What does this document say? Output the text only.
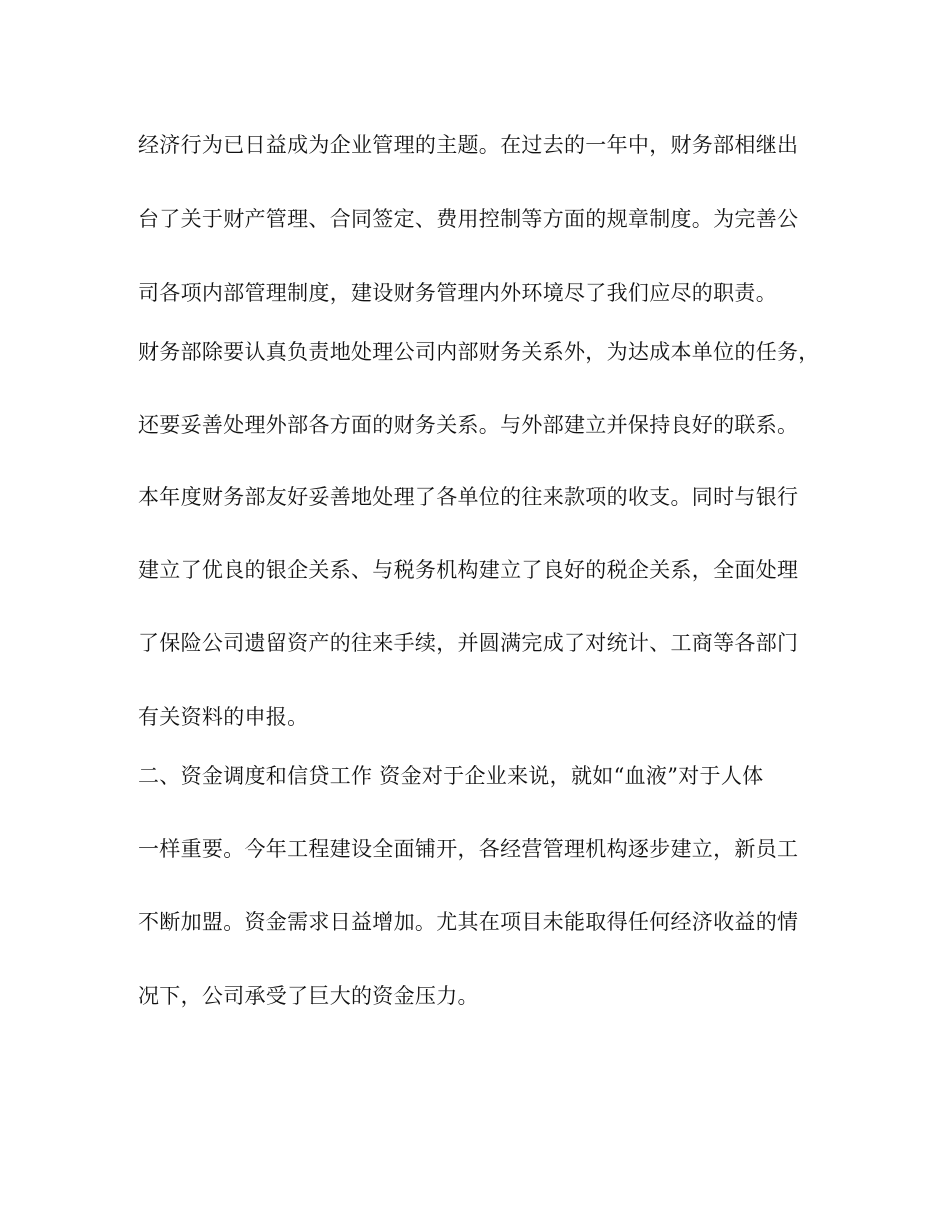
经济行为已日益成为企业管理的主题。在过去的一年中，财务部相继出
台了关于财产管理、合同签定、费用控制等方面的规章制度。为完善公
司各项内部管理制度，建设财务管理内外环境尽了我们应尽的职责。
财务部除要认真负责地处理公司内部财务关系外，为达成本单位的任务，
还要妥善处理外部各方面的财务关系。与外部建立并保持良好的联系。
本年度财务部友好妥善地处理了各单位的往来款项的收支。同时与银行
建立了优良的银企关系、与税务机构建立了良好的税企关系，全面处理
了保险公司遗留资产的往来手续，并圆满完成了对统计、工商等各部门
有关资料的申报。
二、资金调度和信贷工作 资金对于企业来说，就如“血液”对于人体
一样重要。今年工程建设全面铺开，各经营管理机构逐步建立，新员工
不断加盟。资金需求日益增加。尤其在项目未能取得任何经济收益的情
况下，公司承受了巨大的资金压力。
